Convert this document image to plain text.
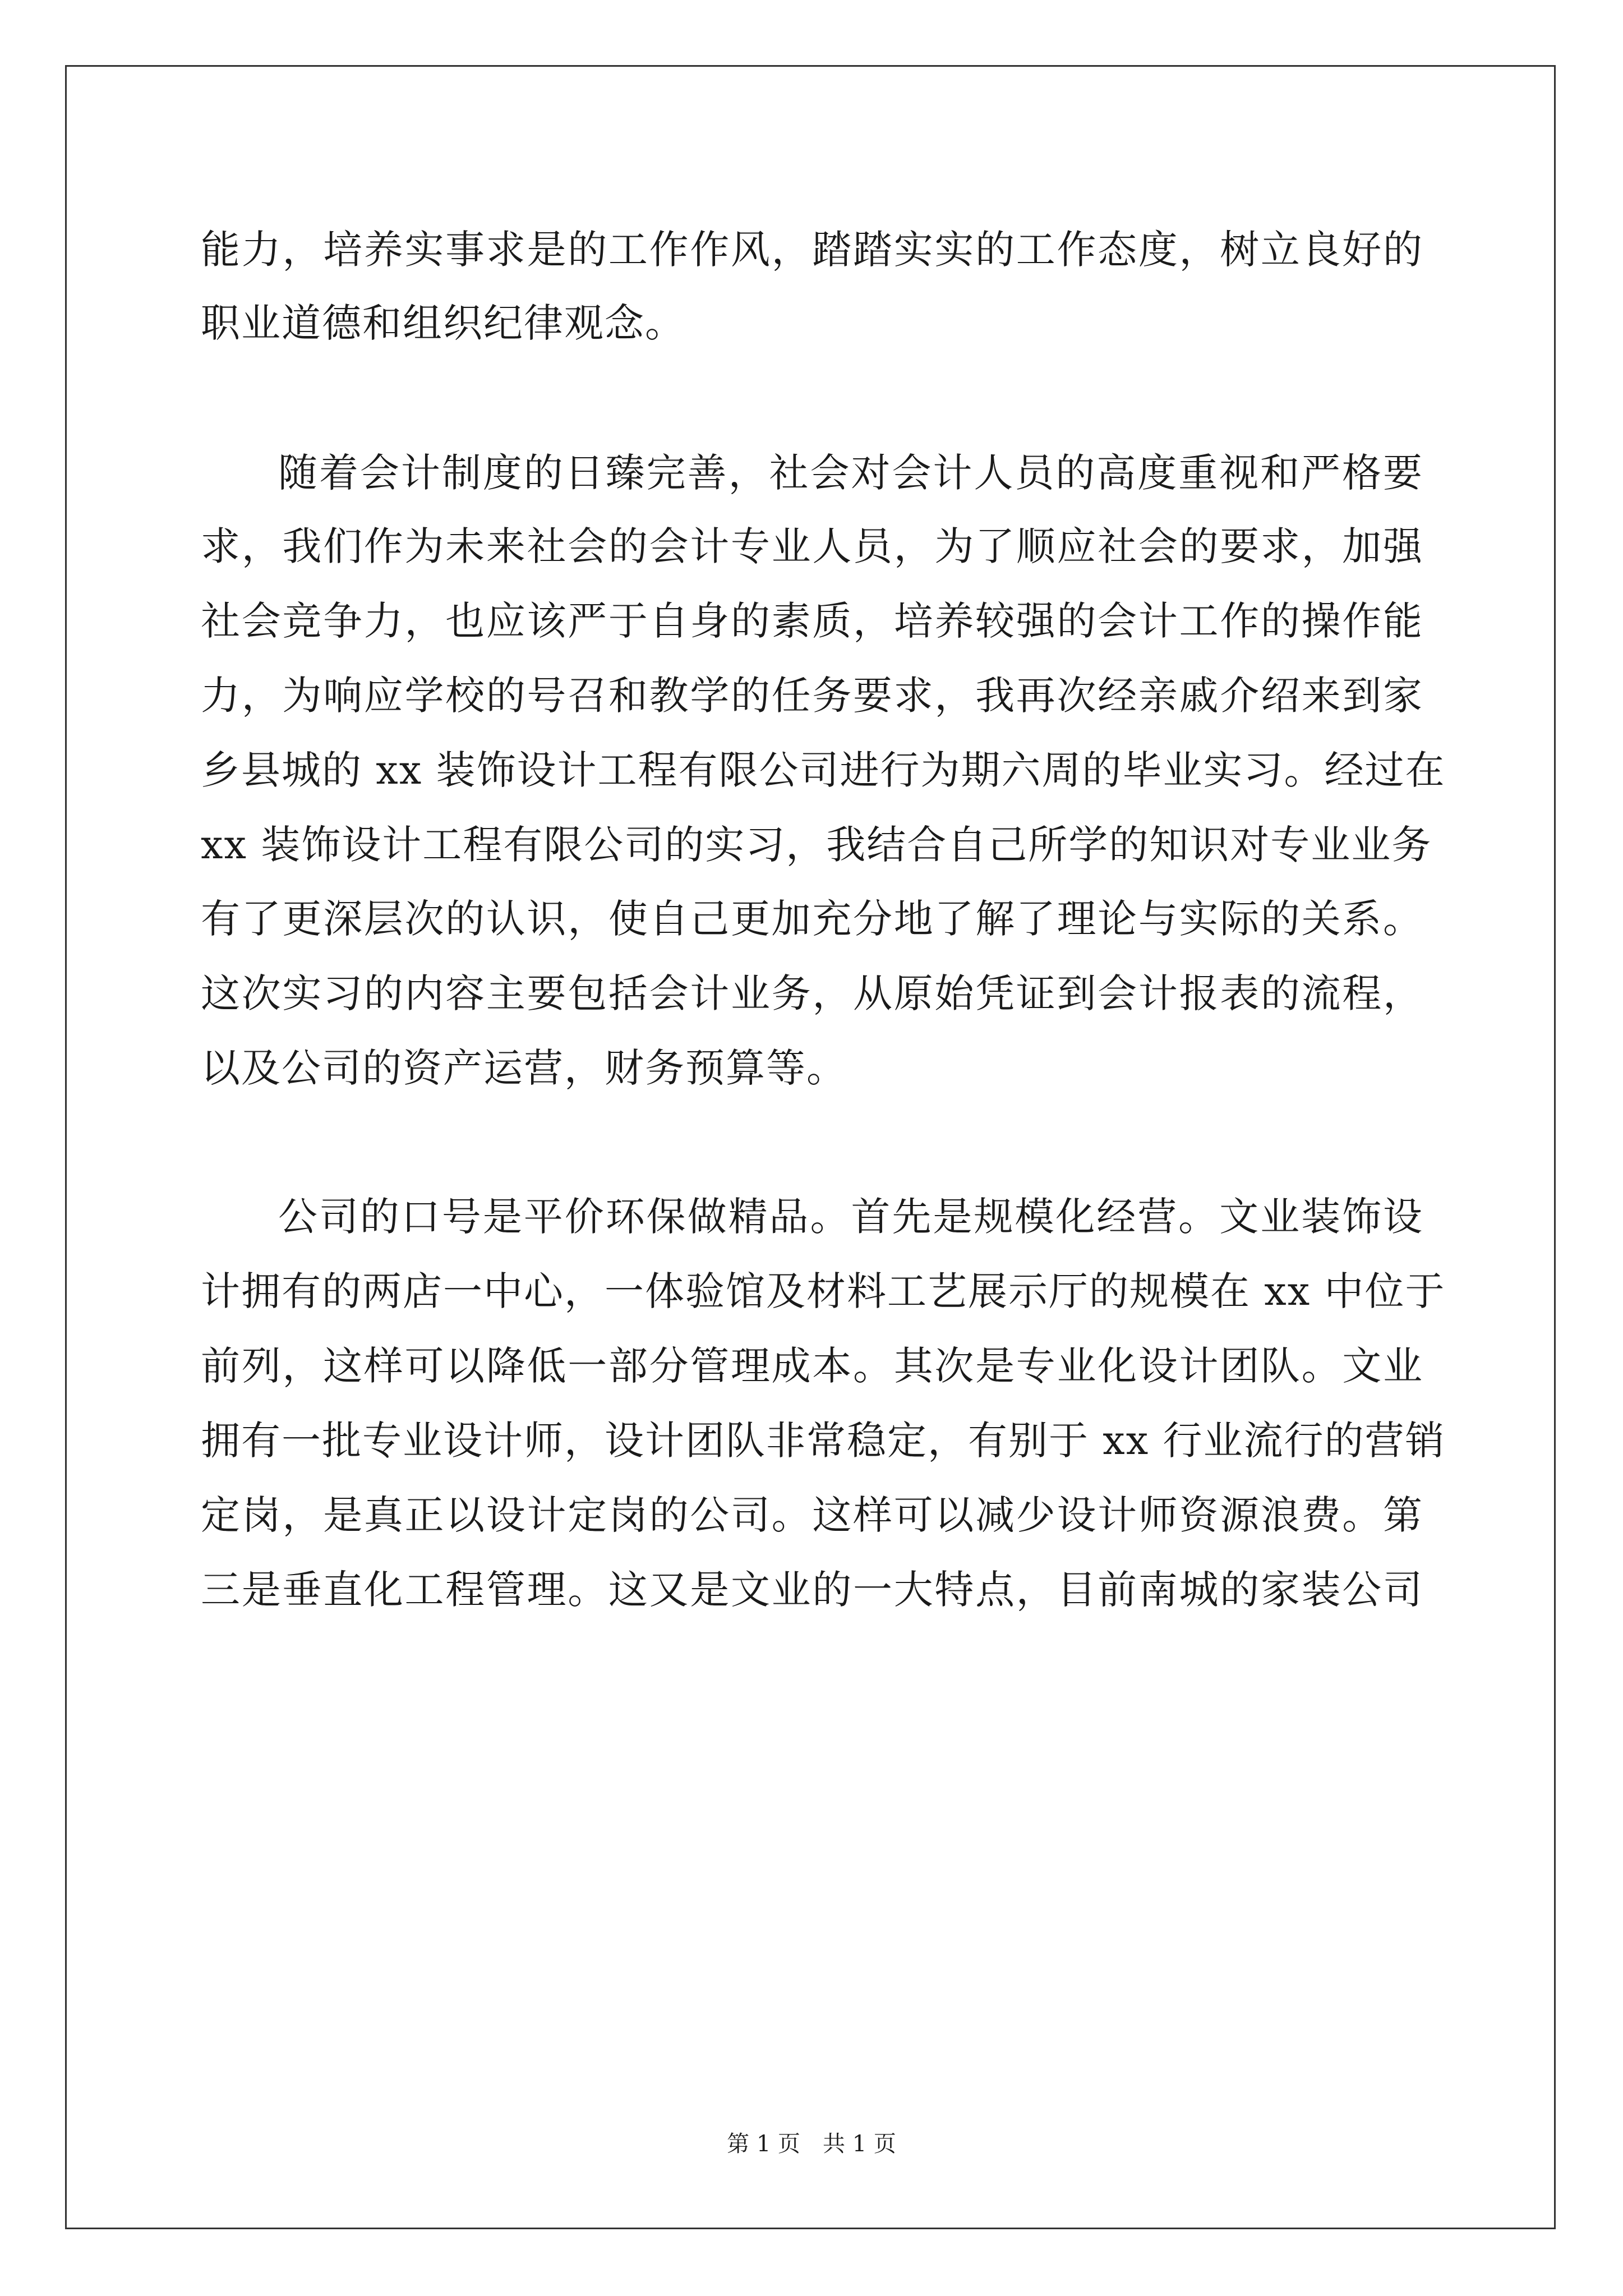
能力，培养实事求是的工作作风，踏踏实实的工作态度，树立良好的
职业道德和组织纪律观念。
随着会计制度的日臻完善，社会对会计人员的高度重视和严格要
求，我们作为未来社会的会计专业人员，为了顺应社会的要求，加强
社会竞争力，也应该严于自身的素质，培养较强的会计工作的操作能
力，为响应学校的号召和教学的任务要求，我再次经亲戚介绍来到家
乡县城的 xx 装饰设计工程有限公司进行为期六周的毕业实习。经过在
xx 装饰设计工程有限公司的实习，我结合自己所学的知识对专业业务
有了更深层次的认识，使自己更加充分地了解了理论与实际的关系。
这次实习的内容主要包括会计业务，从原始凭证到会计报表的流程，
以及公司的资产运营，财务预算等。
公司的口号是平价环保做精品。首先是规模化经营。文业装饰设
计拥有的两店一中心，一体验馆及材料工艺展示厅的规模在 xx 中位于
前列，这样可以降低一部分管理成本。其次是专业化设计团队。文业
拥有一批专业设计师，设计团队非常稳定，有别于 xx 行业流行的营销
定岗，是真正以设计定岗的公司。这样可以减少设计师资源浪费。第
三是垂直化工程管理。这又是文业的一大特点，目前南城的家装公司
第 1 页　共 1 页
